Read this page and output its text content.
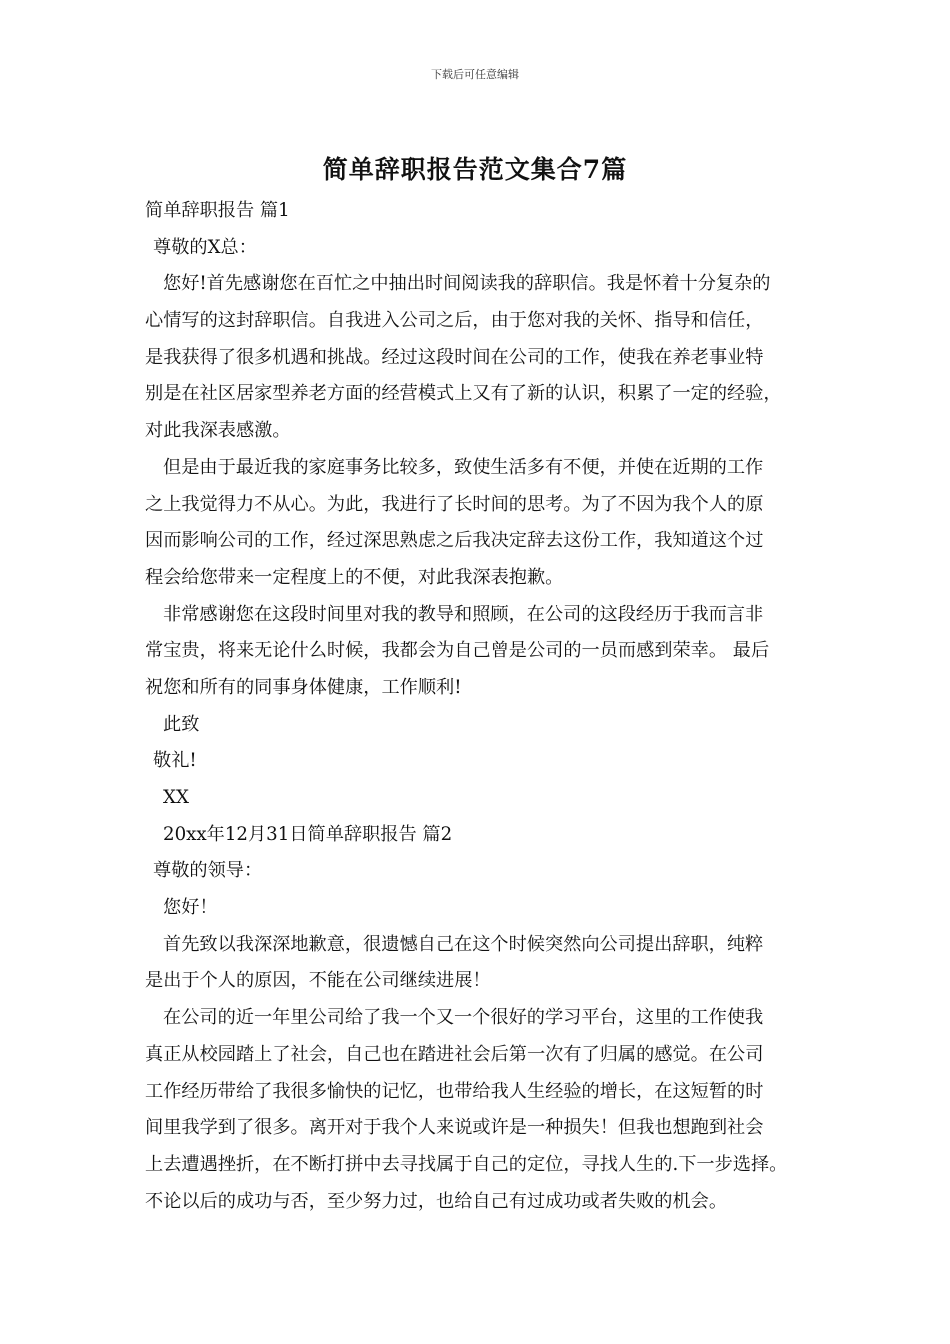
下载后可任意编辑
简单辞职报告范文集合7篇
简单辞职报告 篇1
尊敬的X总：
您好!首先感谢您在百忙之中抽出时间阅读我的辞职信。我是怀着十分复杂的
心情写的这封辞职信。自我进入公司之后，由于您对我的关怀、指导和信任，
是我获得了很多机遇和挑战。经过这段时间在公司的工作，使我在养老事业特
别是在社区居家型养老方面的经营模式上又有了新的认识，积累了一定的经验，
对此我深表感激。
但是由于最近我的家庭事务比较多，致使生活多有不便，并使在近期的工作
之上我觉得力不从心。为此，我进行了长时间的思考。为了不因为我个人的原
因而影响公司的工作，经过深思熟虑之后我决定辞去这份工作，我知道这个过
程会给您带来一定程度上的不便，对此我深表抱歉。
非常感谢您在这段时间里对我的教导和照顾，在公司的这段经历于我而言非
常宝贵，将来无论什么时候，我都会为自己曾是公司的一员而感到荣幸。 最后
祝您和所有的同事身体健康，工作顺利!
此致
敬礼!
XX
20xx年12月31日简单辞职报告 篇2
尊敬的领导：
您好！
首先致以我深深地歉意，很遗憾自己在这个时候突然向公司提出辞职，纯粹
是出于个人的原因，不能在公司继续进展！
在公司的近一年里公司给了我一个又一个很好的学习平台，这里的工作使我
真正从校园踏上了社会，自己也在踏进社会后第一次有了归属的感觉。在公司
工作经历带给了我很多愉快的记忆，也带给我人生经验的增长，在这短暂的时
间里我学到了很多。离开对于我个人来说或许是一种损失！但我也想跑到社会
上去遭遇挫折，在不断打拼中去寻找属于自己的定位，寻找人生的.下一步选择。
不论以后的成功与否，至少努力过，也给自己有过成功或者失败的机会。
